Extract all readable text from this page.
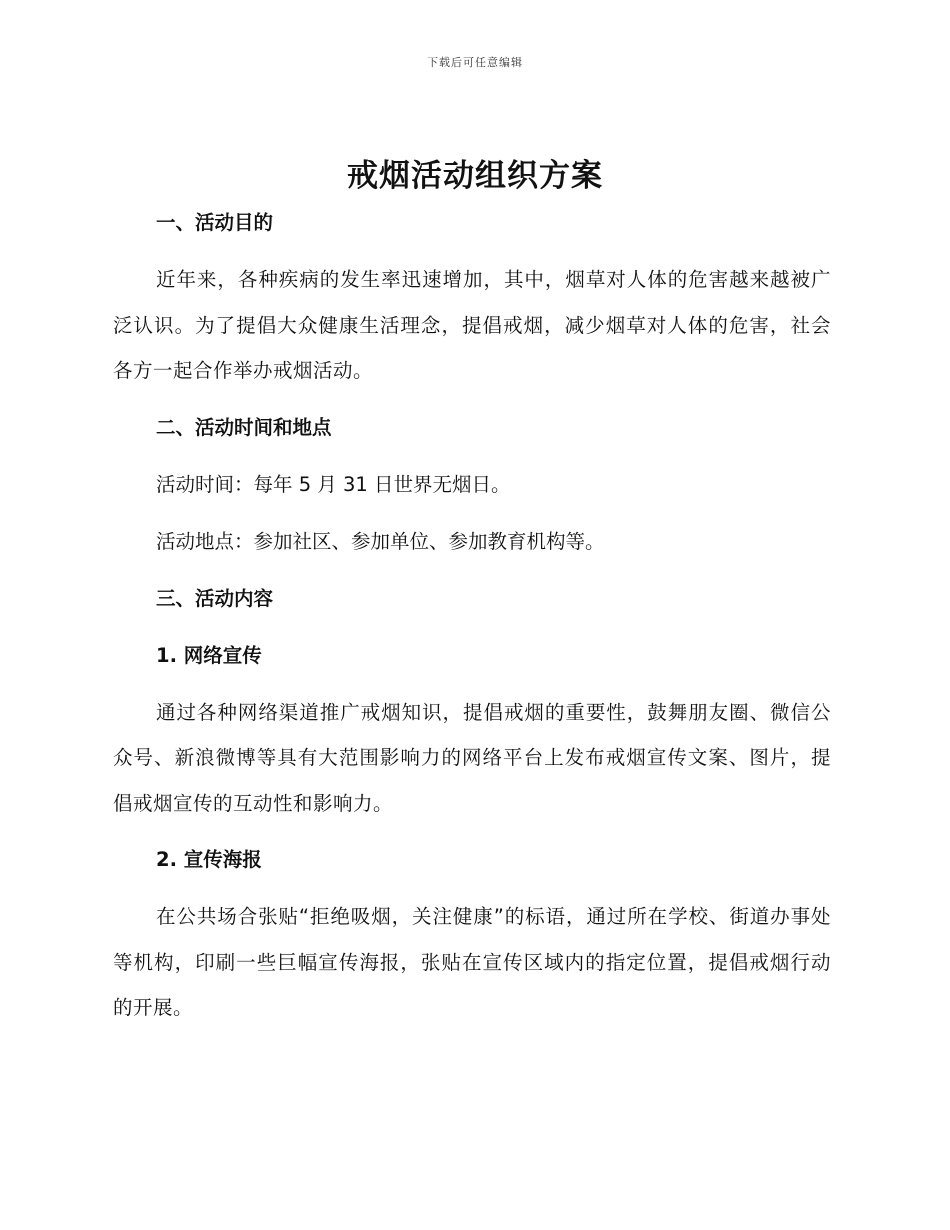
下载后可任意编辑
戒烟活动组织方案
一、活动目的
近年来，各种疾病的发生率迅速增加，其中，烟草对人体的危害越来越被广泛认识。为了提倡大众健康生活理念，提倡戒烟，减少烟草对人体的危害，社会各方一起合作举办戒烟活动。
二、活动时间和地点
活动时间：每年 5 月 31 日世界无烟日。
活动地点：参加社区、参加单位、参加教育机构等。
三、活动内容
1. 网络宣传
通过各种网络渠道推广戒烟知识，提倡戒烟的重要性，鼓舞朋友圈、微信公众号、新浪微博等具有大范围影响力的网络平台上发布戒烟宣传文案、图片，提倡戒烟宣传的互动性和影响力。
2. 宣传海报
在公共场合张贴“拒绝吸烟，关注健康”的标语，通过所在学校、街道办事处等机构，印刷一些巨幅宣传海报，张贴在宣传区域内的指定位置，提倡戒烟行动的开展。
